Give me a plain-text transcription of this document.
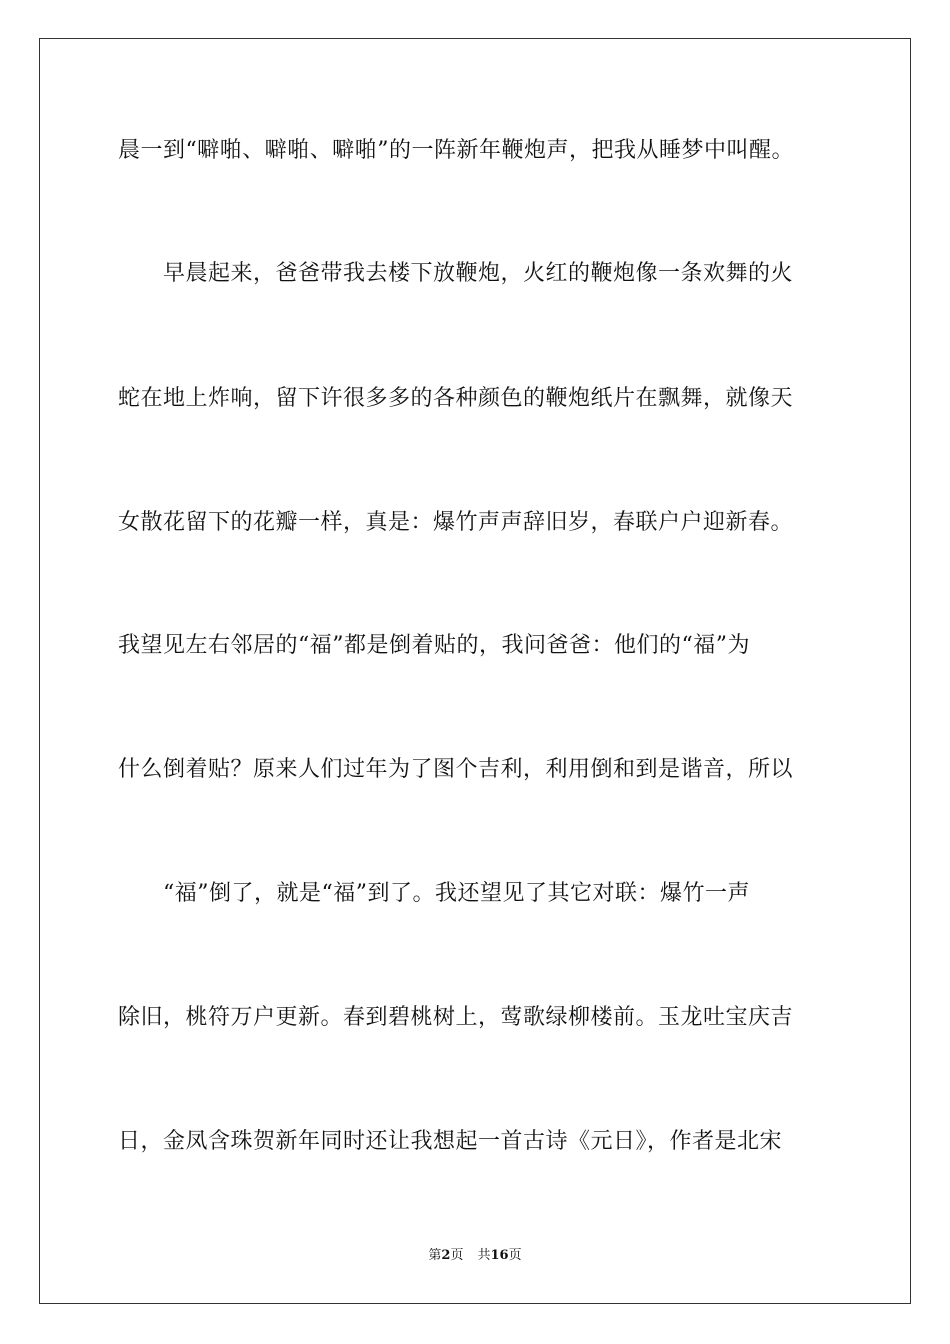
晨一到“噼啪、噼啪、噼啪”的一阵新年鞭炮声，把我从睡梦中叫醒。
早晨起来，爸爸带我去楼下放鞭炮，火红的鞭炮像一条欢舞的火
蛇在地上炸响，留下许很多多的各种颜色的鞭炮纸片在飘舞，就像天
女散花留下的花瓣一样，真是：爆竹声声辞旧岁，春联户户迎新春。
我望见左右邻居的“福”都是倒着贴的，我问爸爸：他们的“福”为
什么倒着贴？原来人们过年为了图个吉利，利用倒和到是谐音，所以
“福”倒了，就是“福”到了。我还望见了其它对联：爆竹一声
除旧，桃符万户更新。春到碧桃树上，莺歌绿柳楼前。玉龙吐宝庆吉
日，金凤含珠贺新年同时还让我想起一首古诗《元日》，作者是北宋
第2页 共16页
